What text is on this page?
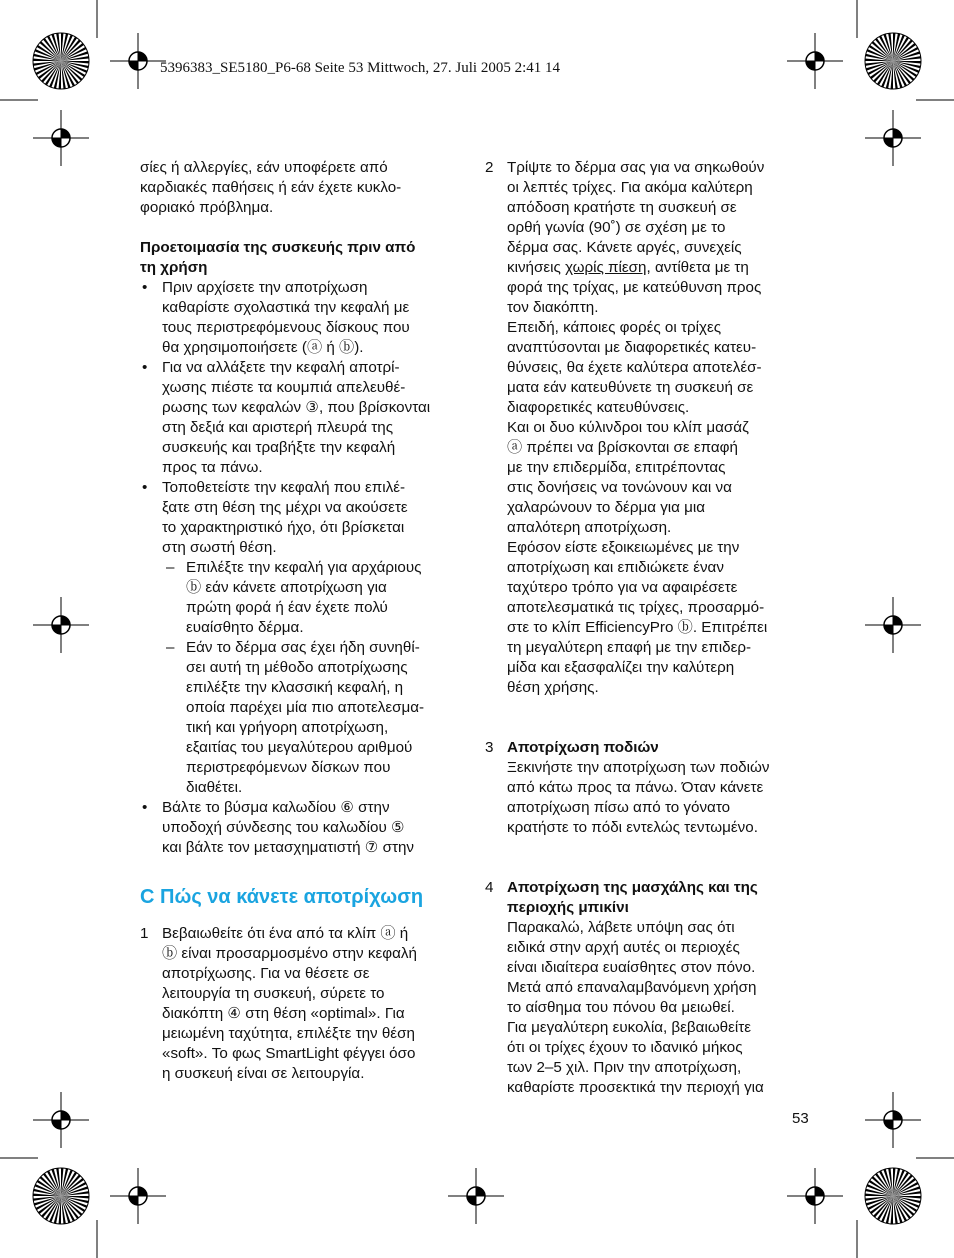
5396383_SE5180_P6-68 Seite 53 Mittwoch, 27. Juli 2005 2:41 14

σίες ή αλλεργίες, εάν υποφέρετε από

καρδιακές παθήσεις ή εάν έχετε κυκλο-

φοριακό πρόβλημα.

Προετοιμασία της συσκευής πριν από

τη χρήση

• Πριν αρχίσετε την αποτρίχωση

καθαρίστε σχολαστικά την κεφαλή με

τους περιστρεφόμενους δίσκους που

θα χρησιμοποιήσετε (ⓐ ή ⓑ).

• Για να αλλάξετε την κεφαλή αποτρί-

χωσης πιέστε τα κουμπιά απελευθέ-

ρωσης των κεφαλών ③, που βρίσκονται

στη δεξιά και αριστερή πλευρά της

συσκευής και τραβήξτε την κεφαλή

προς τα πάνω.

• Τοποθετείστε την κεφαλή που επιλέ-

ξατε στη θέση της μέχρι να ακούσετε

το χαρακτηριστικό ήχο, ότι βρίσκεται

στη σωστή θέση.

– Επιλέξτε την κεφαλή για αρχάριους

ⓑ εάν κάνετε αποτρίχωση για

πρώτη φορά ή έαν έχετε πολύ

ευαίσθητο δέρμα.

– Εάν το δέρμα σας έχει ήδη συνηθί-

σει αυτή τη μέθοδο αποτρίχωσης

επιλέξτε την κλασσική κεφαλή, η

οποία παρέχει μία πιο αποτελεσμα-

τική και γρήγορη αποτρίχωση,

εξαιτίας του μεγαλύτερου αριθμού

περιστρεφόμενων δίσκων που

διαθέτει.

• Βάλτε το βύσμα καλωδίου ⑥ στην

υποδοχή σύνδεσης του καλωδίου ⑤

και βάλτε τον μετασχηματιστή ⑦ στην

C Πώς να κάνετε αποτρίχωση
1 Βεβαιωθείτε ότι ένα από τα κλίπ ⓐ ή

ⓑ είναι προσαρμοσμένο στην κεφαλή

αποτρίχωσης. Για να θέσετε σε

λειτουργία τη συσκευή, σύρετε το

διακόπτη ④ στη θέση «optimal». Για

μειωμένη ταχύτητα, επιλέξτε την θέση

«soft». Το φως SmartLight φέγγει όσο

η συσκευή είναι σε λειτουργία.

2 Τρίψτε το δέρμα σας για να σηκωθούν

οι λεπτές τρίχες. Για ακόμα καλύτερη

απόδοση κρατήστε τη συσκευή σε

ορθή γωνία (90˚) σε σχέση με το

δέρμα σας. Κάνετε αργές, συνεχείς

κινήσεις χωρίς πίεση, αντίθετα με τη

φορά της τρίχας, με κατεύθυνση προς

τον διακόπτη.

Επειδή, κάποιες φορές οι τρίχες

αναπτύσονται με διαφορετικές κατευ-

θύνσεις, θα έχετε καλύτερα αποτελέσ-

ματα εάν κατευθύνετε τη συσκευή σε

διαφορετικές κατευθύνσεις.

Και οι δυο κύλινδροι του κλίπ μασάζ

ⓐ πρέπει να βρίσκονται σε επαφή

με την επιδερμίδα, επιτρέποντας

στις δονήσεις να τονώνουν και να

χαλαρώνουν το δέρμα για μια

απαλότερη αποτρίχωση.

Εφόσον είστε εξοικειωμένες με την

αποτρίχωση και επιδιώκετε έναν

ταχύτερο τρόπο για να αφαιρέσετε

αποτελεσματικά τις τρίχες, προσαρμό-

στε το κλίπ EfficiencyPro ⓑ. Επιτρέπει

τη μεγαλύτερη επαφή με την επιδερ-

μίδα και εξασφαλίζει την καλύτερη

θέση χρήσης.

3 Αποτρίχωση ποδιών

Ξεκινήστε την αποτρίχωση των ποδιών

από κάτω προς τα πάνω. Όταν κάνετε

αποτρίχωση πίσω από το γόνατο

κρατήστε το πόδι εντελώς τεντωμένο.

4 Αποτρίχωση της μασχάλης και της

περιοχής μπικίνι

Παρακαλώ, λάβετε υπόψη σας ότι

ειδικά στην αρχή αυτές οι περιοχές

είναι ιδιαίτερα ευαίσθητες στον πόνο.

Μετά από επαναλαμβανόμενη χρήση

το αίσθημα του πόνου θα μειωθεί.

Για μεγαλύτερη ευκολία, βεβαιωθείτε

ότι οι τρίχες έχουν το ιδανικό μήκος

των 2–5 χιλ. Πριν την αποτρίχωση,

καθαρίστε προσεκτικά την περιοχή για

53
